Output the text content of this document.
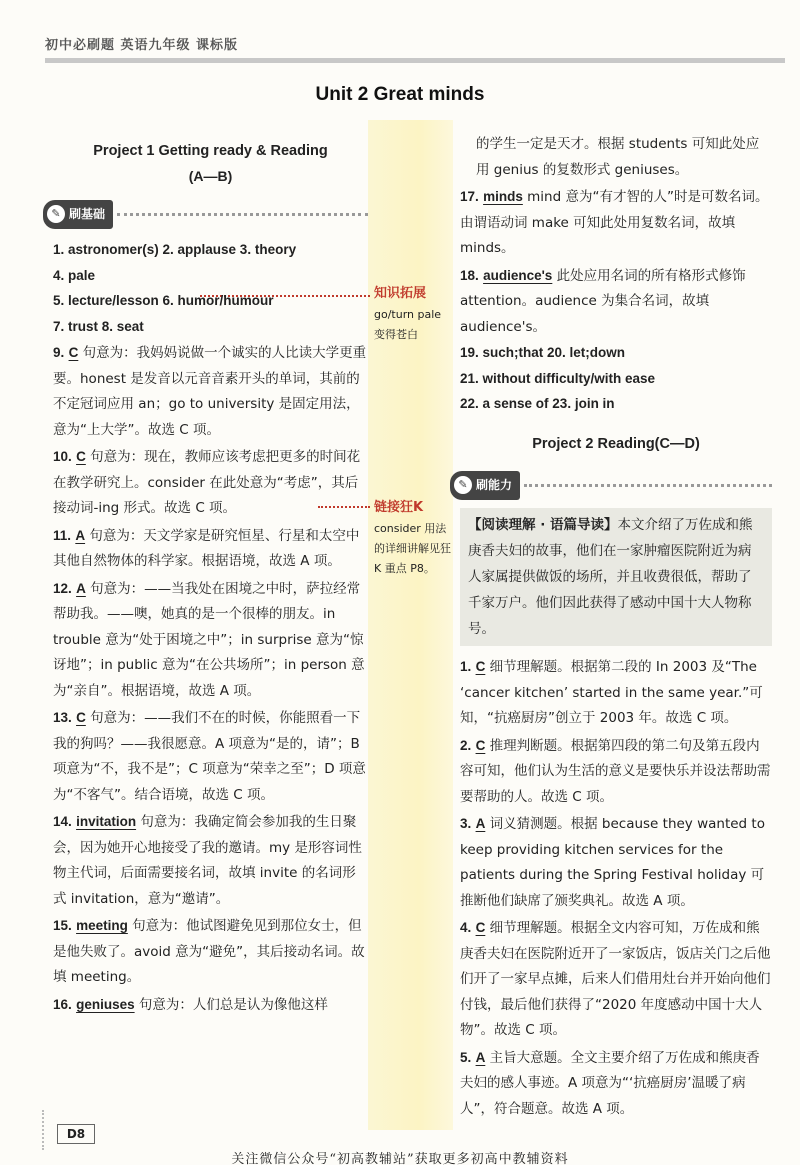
初中必刷题 英语九年级 课标版
Unit 2 Great minds
知识拓展
go/turn pale 变得苍白
链接狂K
consider 用法的详细讲解见狂 K 重点 P8。
Project 1 Getting ready & Reading
(A—B)
✎ 刷基础
1. astronomer(s) 2. applause 3. theory
4. pale
5. lecture/lesson 6. humor/humour
7. trust 8. seat
9. C 句意为：我妈妈说做一个诚实的人比读大学更重要。honest 是发音以元音音素开头的单词，其前的不定冠词应用 an；go to university 是固定用法，意为“上大学”。故选 C 项。
10. C 句意为：现在，教师应该考虑把更多的时间花在教学研究上。consider 在此处意为“考虑”，其后接动词-ing 形式。故选 C 项。
11. A 句意为：天文学家是研究恒星、行星和太空中其他自然物体的科学家。根据语境，故选 A 项。
12. A 句意为：——当我处在困境之中时，萨拉经常帮助我。——噢，她真的是一个很棒的朋友。in trouble 意为“处于困境之中”；in surprise 意为“惊讶地”；in public 意为“在公共场所”；in person 意为“亲自”。根据语境，故选 A 项。
13. C 句意为：——我们不在的时候，你能照看一下我的狗吗？——我很愿意。A 项意为“是的，请”；B 项意为“不，我不是”；C 项意为“荣幸之至”；D 项意为“不客气”。结合语境，故选 C 项。
14. invitation 句意为：我确定简会参加我的生日聚会，因为她开心地接受了我的邀请。my 是形容词性物主代词，后面需要接名词，故填 invite 的名词形式 invitation，意为“邀请”。
15. meeting 句意为：他试图避免见到那位女士，但是他失败了。avoid 意为“避免”，其后接动名词。故填 meeting。
16. geniuses 句意为：人们总是认为像他这样
的学生一定是天才。根据 students 可知此处应用 genius 的复数形式 geniuses。
17. minds mind 意为“有才智的人”时是可数名词。由谓语动词 make 可知此处用复数名词，故填 minds。
18. audience's 此处应用名词的所有格形式修饰 attention。audience 为集合名词，故填 audience's。
19. such;that 20. let;down
21. without difficulty/with ease
22. a sense of 23. join in
Project 2 Reading(C—D)
✎ 刷能力
【阅读理解 · 语篇导读】本文介绍了万佐成和熊庚香夫妇的故事，他们在一家肿瘤医院附近为病人家属提供做饭的场所，并且收费很低，帮助了千家万户。他们因此获得了感动中国十大人物称号。
1. C 细节理解题。根据第二段的 In 2003 及“The ‘cancer kitchen’ started in the same year.”可知，“抗癌厨房”创立于 2003 年。故选 C 项。
2. C 推理判断题。根据第四段的第二句及第五段内容可知，他们认为生活的意义是要快乐并设法帮助需要帮助的人。故选 C 项。
3. A 词义猜测题。根据 because they wanted to keep providing kitchen services for the patients during the Spring Festival holiday 可推断他们缺席了颁奖典礼。故选 A 项。
4. C 细节理解题。根据全文内容可知，万佐成和熊庚香夫妇在医院附近开了一家饭店，饭店关门之后他们开了一家早点摊，后来人们借用灶台并开始向他们付钱，最后他们获得了“2020 年度感动中国十大人物”。故选 C 项。
5. A 主旨大意题。全文主要介绍了万佐成和熊庚香夫妇的感人事迹。A 项意为“‘抗癌厨房’温暖了病人”，符合题意。故选 A 项。
D8
关注微信公众号“初高教辅站”获取更多初高中教辅资料
